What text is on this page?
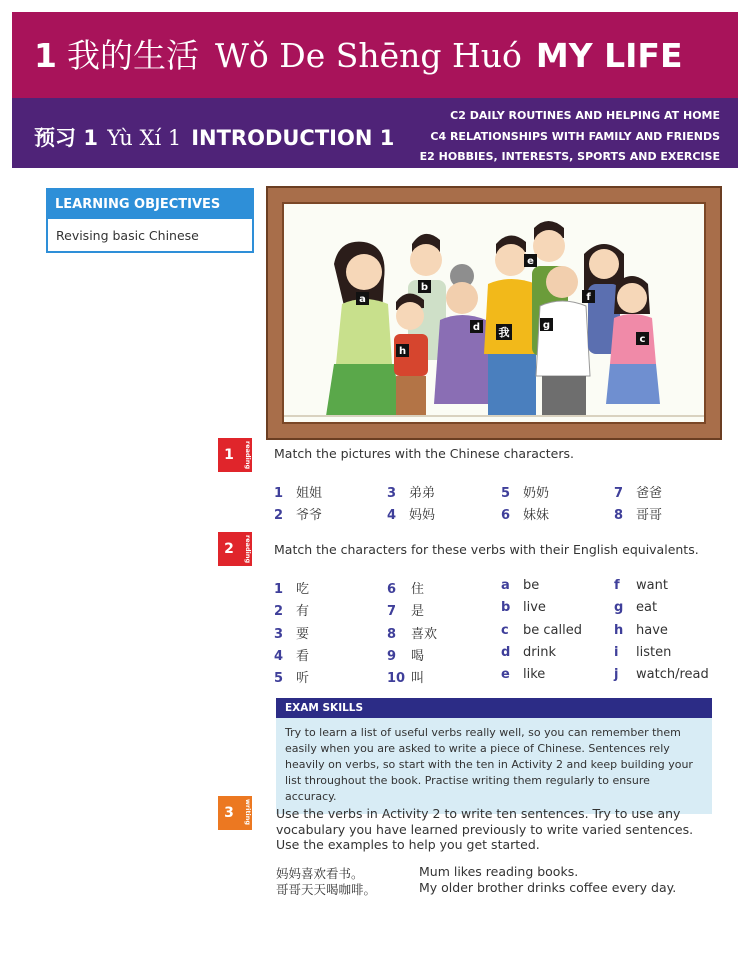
1 我的生活 Wǒ De Shēng Huó MY LIFE
预习 1 Yù Xí 1 INTRODUCTION 1
C2 DAILY ROUTINES AND HELPING AT HOME
C4 RELATIONSHIPS WITH FAMILY AND FRIENDS
E2 HOBBIES, INTERESTS, SPORTS AND EXERCISE
LEARNING OBJECTIVES
Revising basic Chinese
a
b
c
d
e
f
g
h
我
1	reading Match the pictures with the Chinese characters.
1 姐姐
2 爷爷
3 弟弟
4 妈妈
5 奶奶
6 妹妹
7 爸爸
8 哥哥
2	reading Match the characters for these verbs with their English equivalents.
1 吃
2 有
3 要
4 看
5 听
6 住
7 是
8 喜欢
9 喝
10 叫
a be
b live
c be called
d drink
e like
f want
g eat
h have
i listen
j watch/read
EXAM SKILLS
Try to learn a list of useful verbs really well, so you can remember them easily when you are asked to write a piece of Chinese. Sentences rely heavily on verbs, so start with the ten in Activity 2 and keep building your list throughout the book. Practise writing them regularly to ensure accuracy.
3	writing Use the verbs in Activity 2 to write ten sentences. Try to use any vocabulary you have learned previously to write varied sentences. Use the examples to help you get started.
妈妈喜欢看书。	Mum likes reading books.
哥哥天天喝咖啡。	My older brother drinks coffee every day.
